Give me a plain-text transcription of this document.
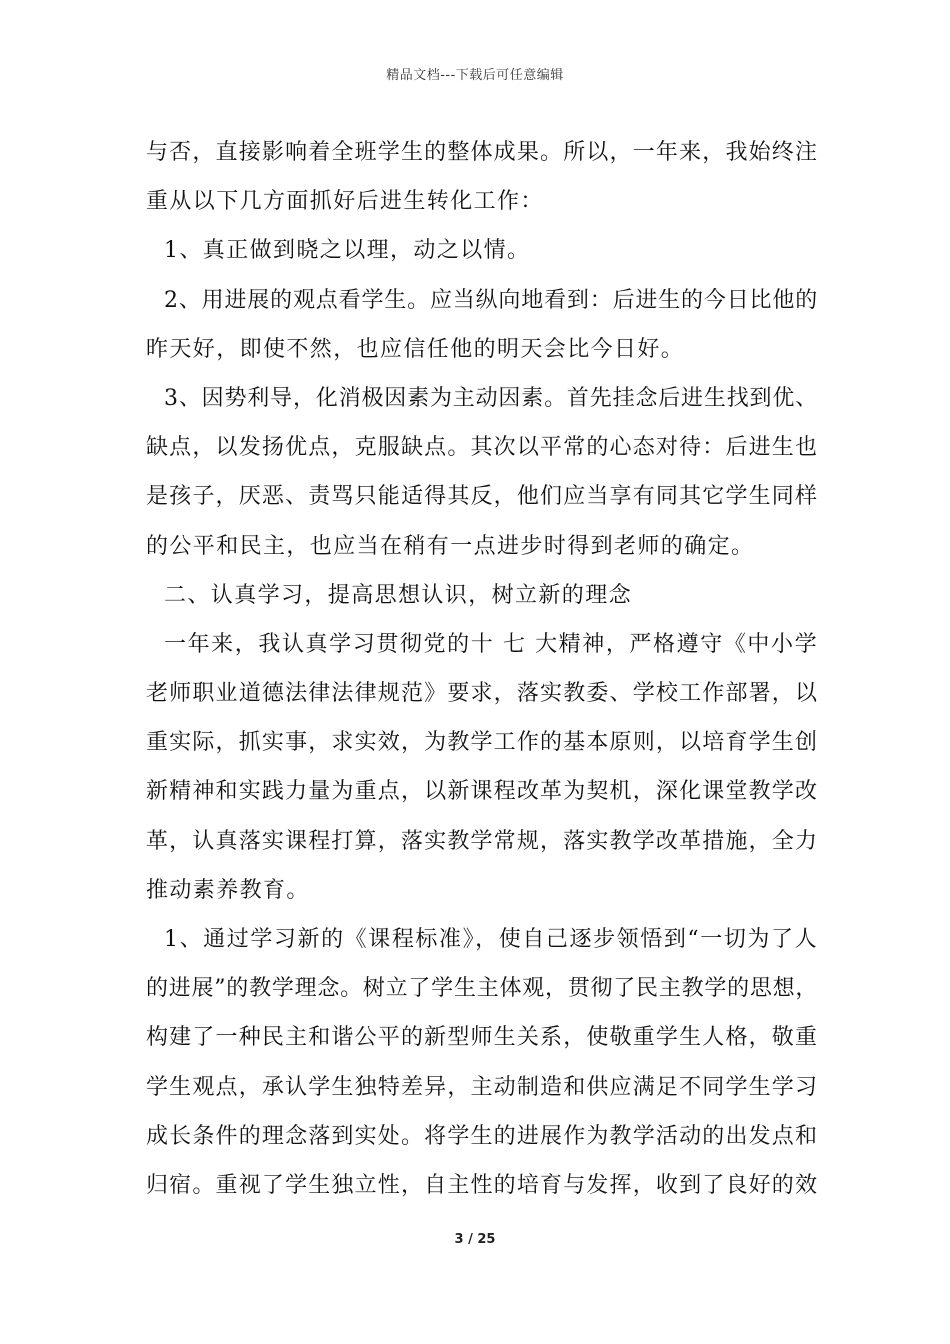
精品文档---下载后可任意编辑
与否，直接影响着全班学生的整体成果。所以，一年来，我始终注
重从以下几方面抓好后进生转化工作：
1、真正做到晓之以理，动之以情。
2、用进展的观点看学生。应当纵向地看到：后进生的今日比他的
昨天好，即使不然，也应信任他的明天会比今日好。
3、因势利导，化消极因素为主动因素。首先挂念后进生找到优、
缺点，以发扬优点，克服缺点。其次以平常的心态对待：后进生也
是孩子，厌恶、责骂只能适得其反，他们应当享有同其它学生同样
的公平和民主，也应当在稍有一点进步时得到老师的确定。
二、认真学习，提高思想认识，树立新的理念
一年来，我认真学习贯彻党的十 七 大精神，严格遵守《中小学
老师职业道德法律法律规范》要求，落实教委、学校工作部署，以
重实际，抓实事，求实效，为教学工作的基本原则，以培育学生创
新精神和实践力量为重点，以新课程改革为契机，深化课堂教学改
革，认真落实课程打算，落实教学常规，落实教学改革措施，全力
推动素养教育。
1、通过学习新的《课程标准》，使自己逐步领悟到“一切为了人
的进展”的教学理念。树立了学生主体观，贯彻了民主教学的思想，
构建了一种民主和谐公平的新型师生关系，使敬重学生人格，敬重
学生观点，承认学生独特差异，主动制造和供应满足不同学生学习
成长条件的理念落到实处。将学生的进展作为教学活动的出发点和
归宿。重视了学生独立性，自主性的培育与发挥，收到了良好的效
3 / 25
